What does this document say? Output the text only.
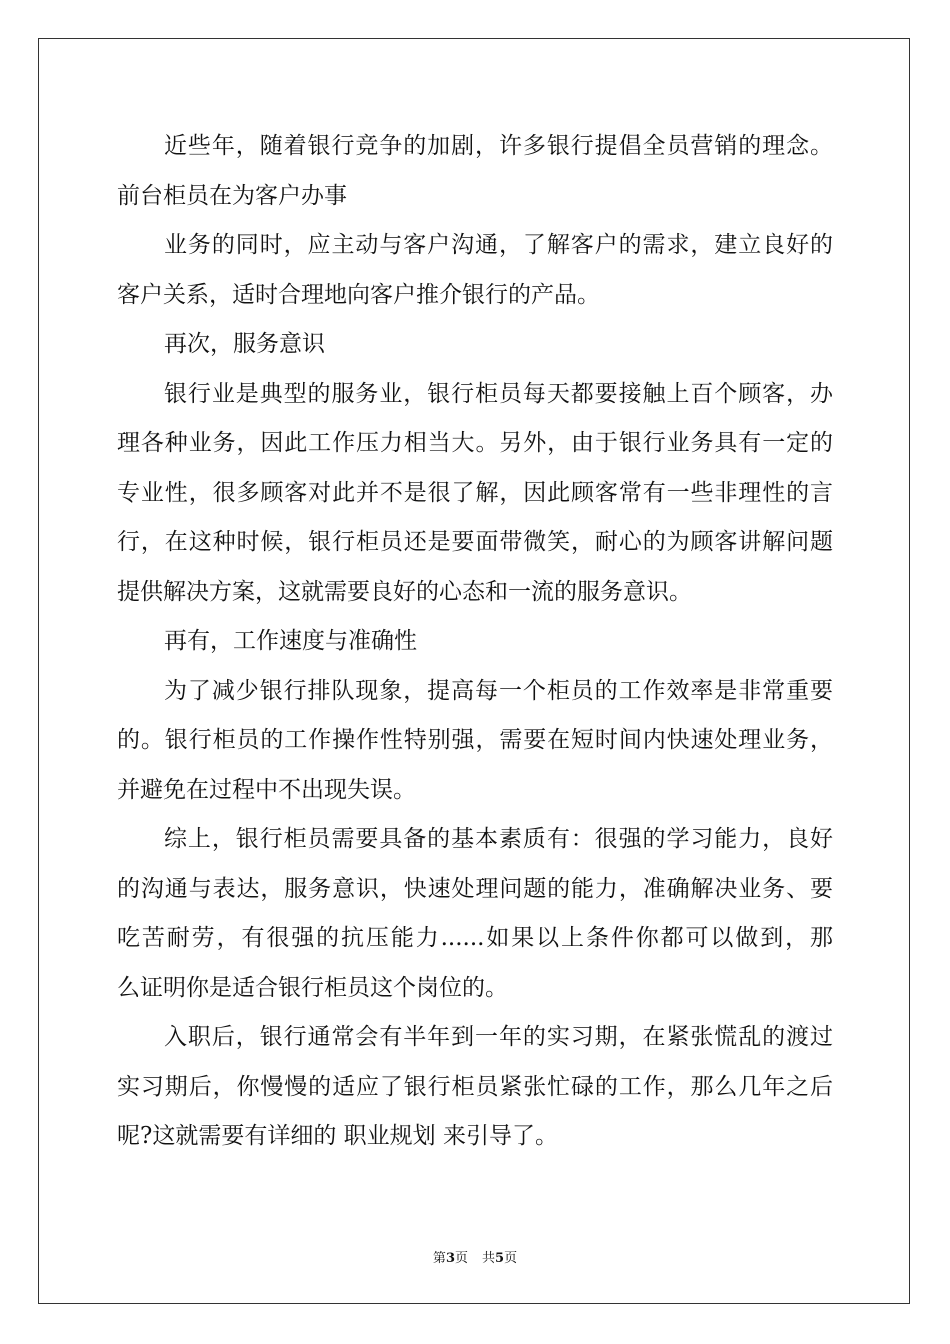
近些年，随着银行竞争的加剧，许多银行提倡全员营销的理念。
前台柜员在为客户办事
业务的同时，应主动与客户沟通，了解客户的需求，建立良好的
客户关系，适时合理地向客户推介银行的产品。
再次，服务意识
银行业是典型的服务业，银行柜员每天都要接触上百个顾客，办
理各种业务，因此工作压力相当大。另外，由于银行业务具有一定的
专业性，很多顾客对此并不是很了解，因此顾客常有一些非理性的言
行，在这种时候，银行柜员还是要面带微笑，耐心的为顾客讲解问题
提供解决方案，这就需要良好的心态和一流的服务意识。
再有，工作速度与准确性
为了减少银行排队现象，提高每一个柜员的工作效率是非常重要
的。银行柜员的工作操作性特别强，需要在短时间内快速处理业务，
并避免在过程中不出现失误。
综上，银行柜员需要具备的基本素质有：很强的学习能力，良好
的沟通与表达，服务意识，快速处理问题的能力，准确解决业务、要
吃苦耐劳，有很强的抗压能力......如果以上条件你都可以做到，那
么证明你是适合银行柜员这个岗位的。
入职后，银行通常会有半年到一年的实习期，在紧张慌乱的渡过
实习期后，你慢慢的适应了银行柜员紧张忙碌的工作，那么几年之后
呢?这就需要有详细的 职业规划 来引导了。
第3页 共5页
